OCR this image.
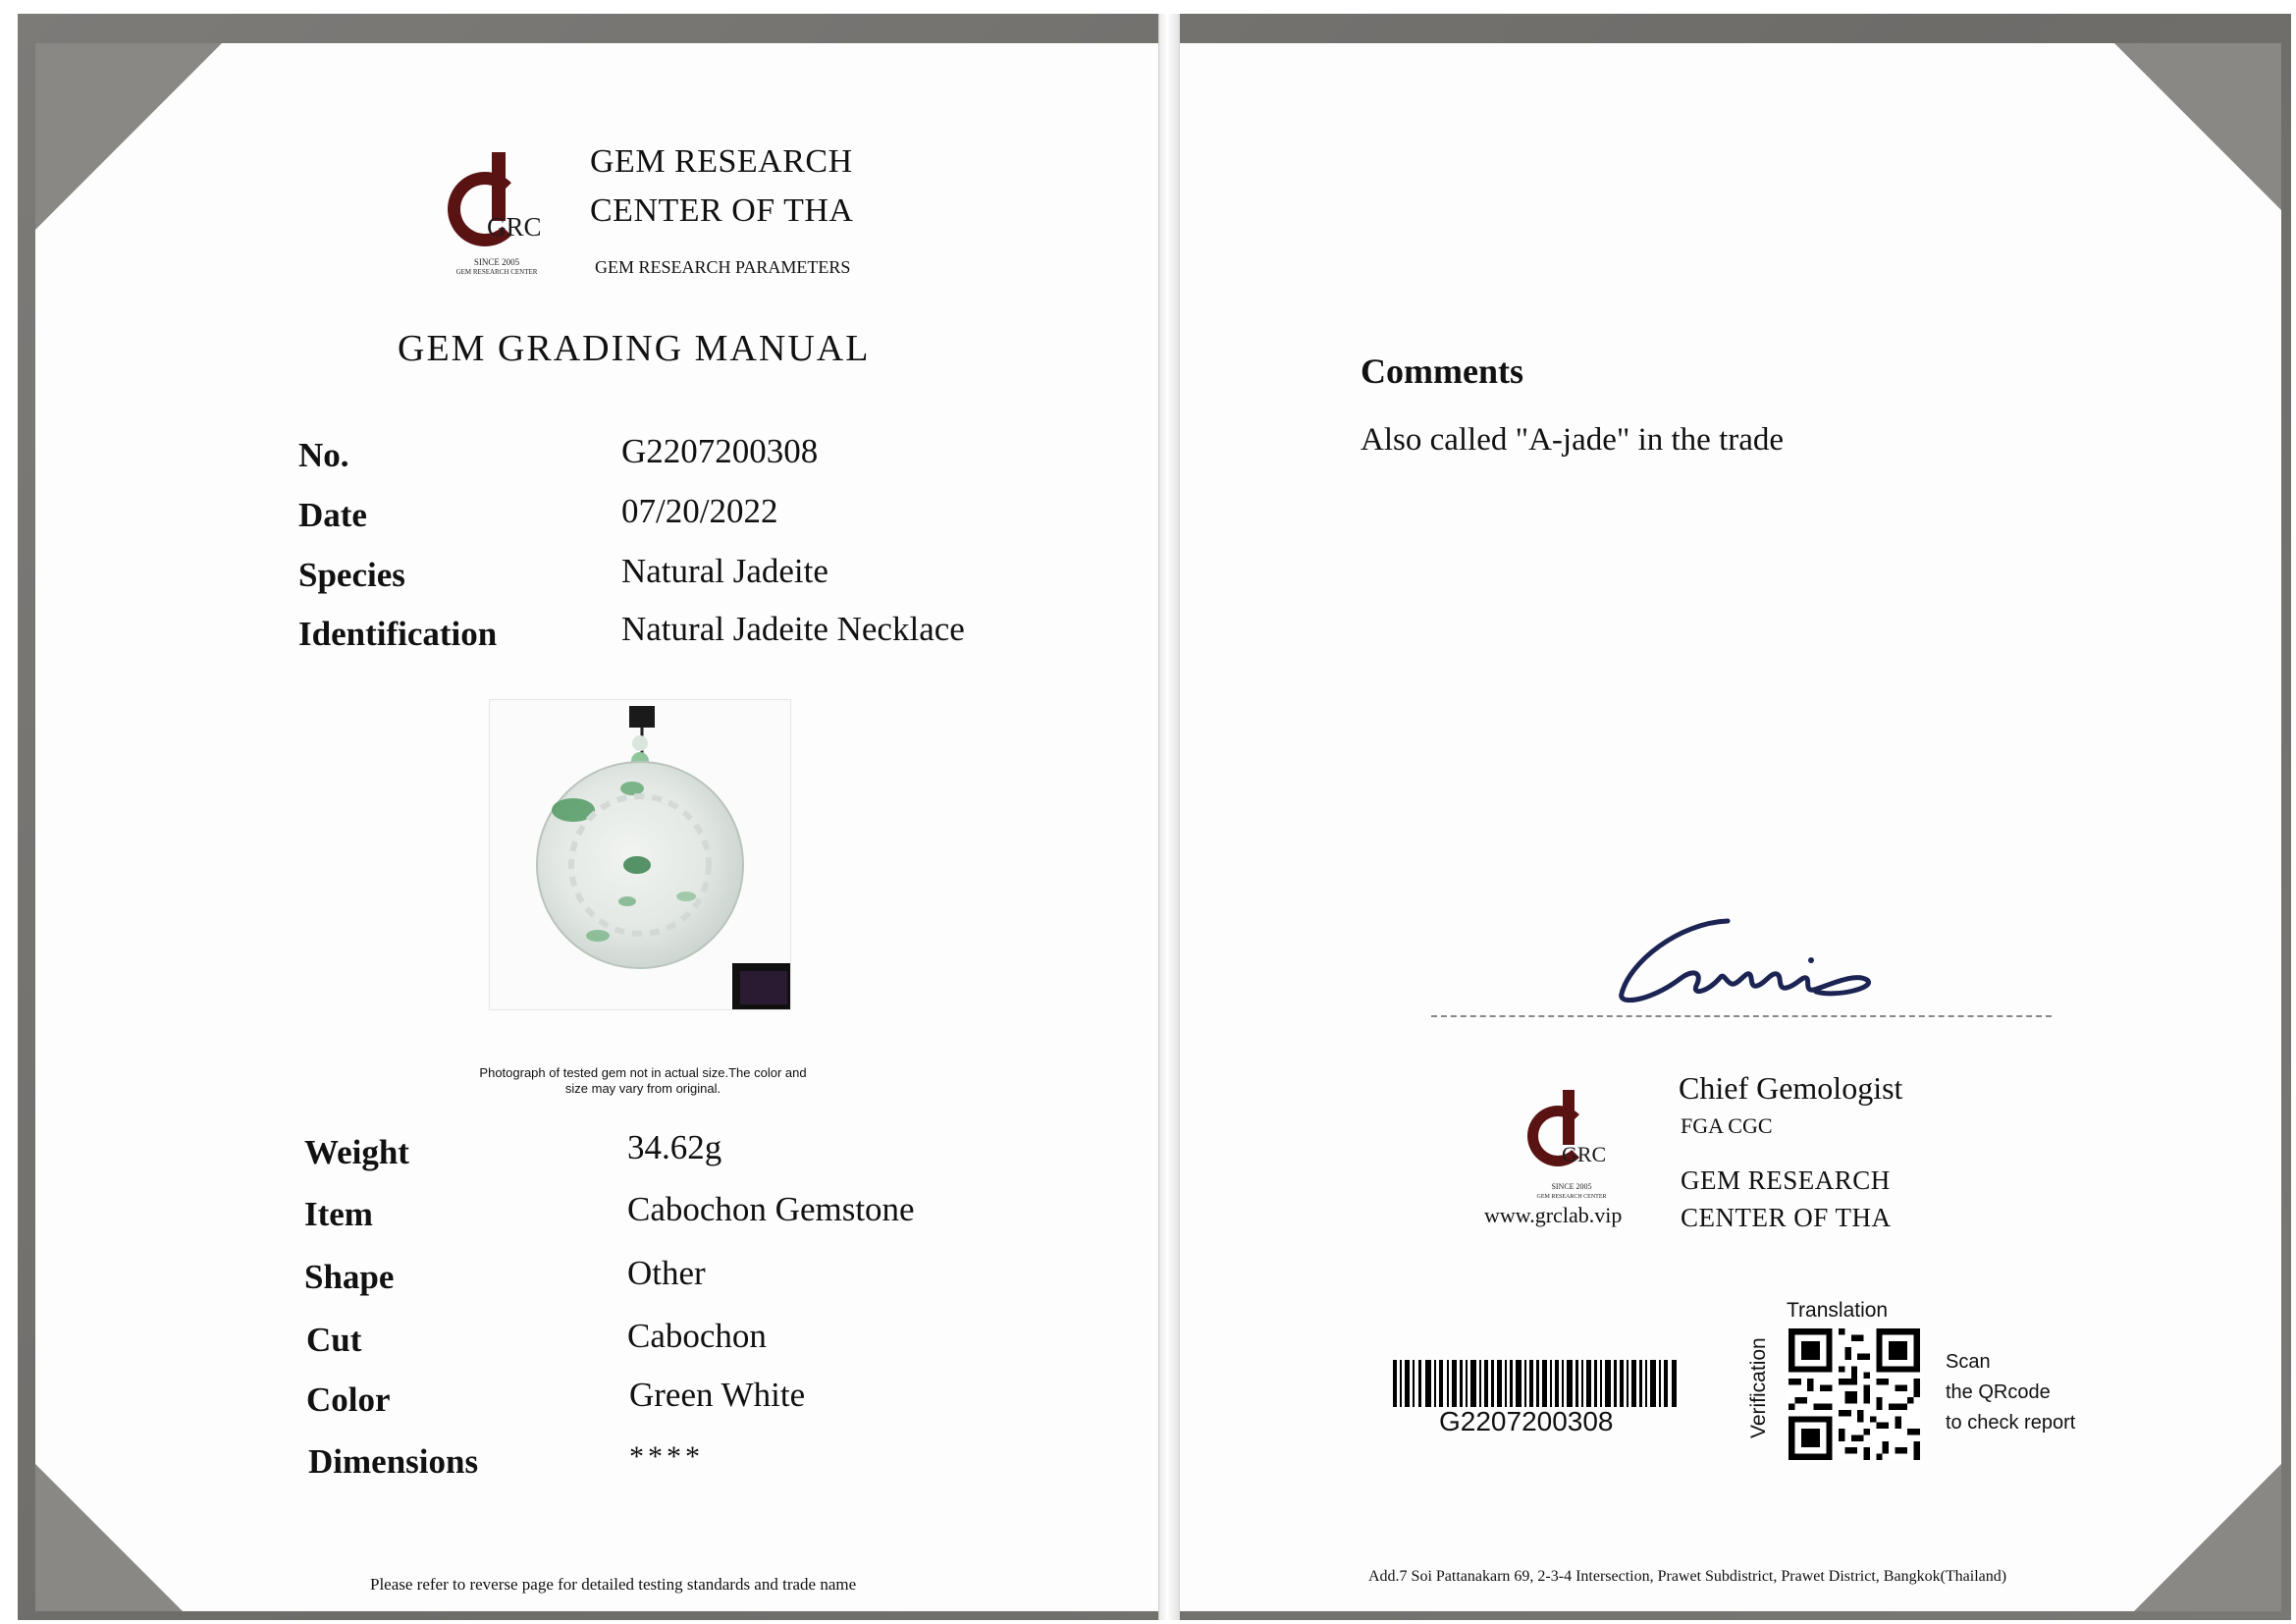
GRC
SINCE 2005
GEM RESEARCH CENTER
GEM RESEARCH
CENTER OF THA
GEM RESEARCH PARAMETERS
GEM GRADING MANUAL
No.	G2207200308
Date	07/20/2022
Species	Natural Jadeite
Identification	Natural Jadeite Necklace
Photograph of tested gem not in actual size.The color and
size may vary from original.
Weight	34.62g
Item	Cabochon Gemstone
Shape	Other
Cut	Cabochon
Color	Green White
Dimensions	****
Please refer to reverse page for detailed testing standards and trade name
Comments
Also called "A-jade" in the trade
GRC
SINCE 2005
GEM RESEARCH CENTER
www.grclab.vip
Chief Gemologist
FGA CGC
GEM RESEARCH
CENTER OF THA
G2207200308
Translation
Verification	Scan
the QRcode
to check report
Add.7 Soi Pattanakarn 69, 2-3-4 Intersection, Prawet Subdistrict, Prawet District, Bangkok(Thailand)
